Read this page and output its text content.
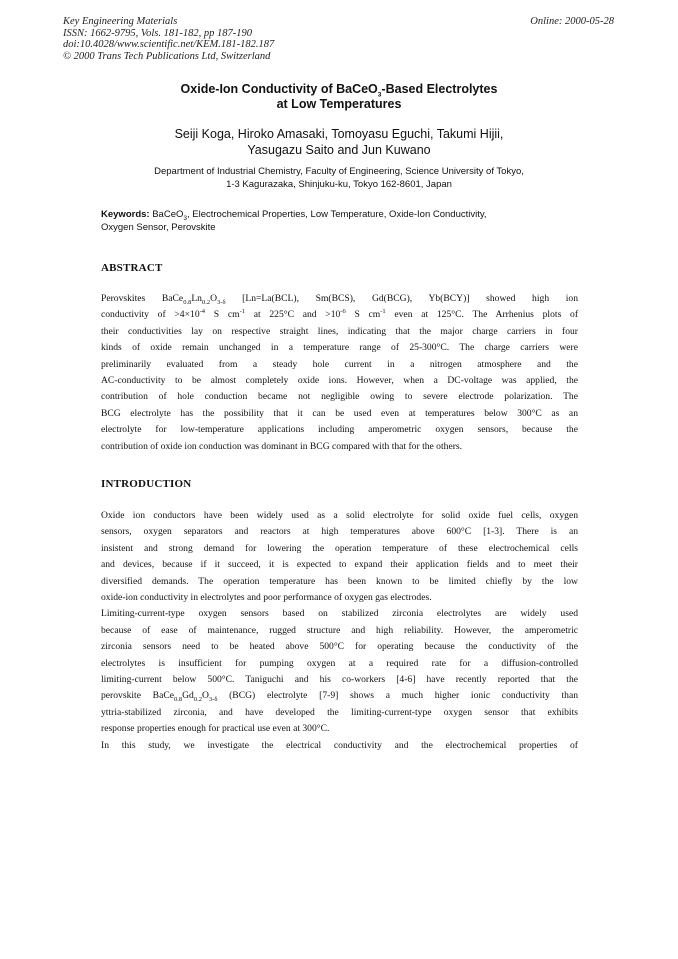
Key Engineering Materials
ISSN: 1662-9795, Vols. 181-182, pp 187-190
doi:10.4028/www.scientific.net/KEM.181-182.187
© 2000 Trans Tech Publications Ltd, Switzerland
Online: 2000-05-28
Oxide-Ion Conductivity of BaCeO$_3$-Based Electrolytes
at Low Temperatures
Seiji Koga, Hiroko Amasaki, Tomoyasu Eguchi, Takumi Hijii,
Yasugazu Saito and Jun Kuwano
Department of Industrial Chemistry, Faculty of Engineering, Science University of Tokyo,
1-3 Kagurazaka, Shinjuku-ku, Tokyo 162-8601, Japan
Keywords: BaCeO$_3$, Electrochemical Properties, Low Temperature, Oxide-Ion Conductivity,
Oxygen Sensor, Perovskite
ABSTRACT
Perovskites $BaCe_{0.8}Ln_{0.2}O_{3-\delta}$ [Ln=La(BCL), Sm(BCS), Gd(BCG), Yb(BCY)] showed high ion
conductivity of $>4\times 10^{-4}$ S $cm^{-1}$ at 225°C and $>10^{-6}$ S $cm^{-1}$ even at 125°C. The Arrhenius plots of
their conductivities lay on respective straight lines, indicating that the major charge carriers in four
kinds of oxide remain unchanged in a temperature range of 25-300°C. The charge carriers were
preliminarily evaluated from a steady hole current in a nitrogen atmosphere and the
AC-conductivity to be almost completely oxide ions. However, when a DC-voltage was applied, the
contribution of hole conduction became not negligible owing to severe electrode polarization. The
BCG electrolyte has the possibility that it can be used even at temperatures below 300°C as an
electrolyte for low-temperature applications including amperometric oxygen sensors, because the
contribution of oxide ion conduction was dominant in BCG compared with that for the others.
INTRODUCTION
Oxide ion conductors have been widely used as a solid electrolyte for solid oxide fuel cells, oxygen
sensors, oxygen separators and reactors at high temperatures above 600°C [1-3]. There is an
insistent and strong demand for lowering the operation temperature of these electrochemical cells
and devices, because if it succeed, it is expected to expand their application fields and to meet their
diversified demands. The operation temperature has been known to be limited chiefly by the low
oxide-ion conductivity in electrolytes and poor performance of oxygen gas electrodes.
Limiting-current-type oxygen sensors based on stabilized zirconia electrolytes are widely used
because of ease of maintenance, rugged structure and high reliability. However, the amperometric
zirconia sensors need to be heated above 500°C for operating because the conductivity of the
electrolytes is insufficient for pumping oxygen at a required rate for a diffusion-controlled
limiting-current below 500°C. Taniguchi and his co-workers [4-6] have recently reported that the
perovskite $BaCe_{0.8}Gd_{0.2}O_{3-\delta}$ (BCG) electrolyte [7-9] shows a much higher ionic conductivity than
yttria-stabilized zirconia, and have developed the limiting-current-type oxygen sensor that exhibits
response properties enough for practical use even at 300°C.
In this study, we investigate the electrical conductivity and the electrochemical properties of
